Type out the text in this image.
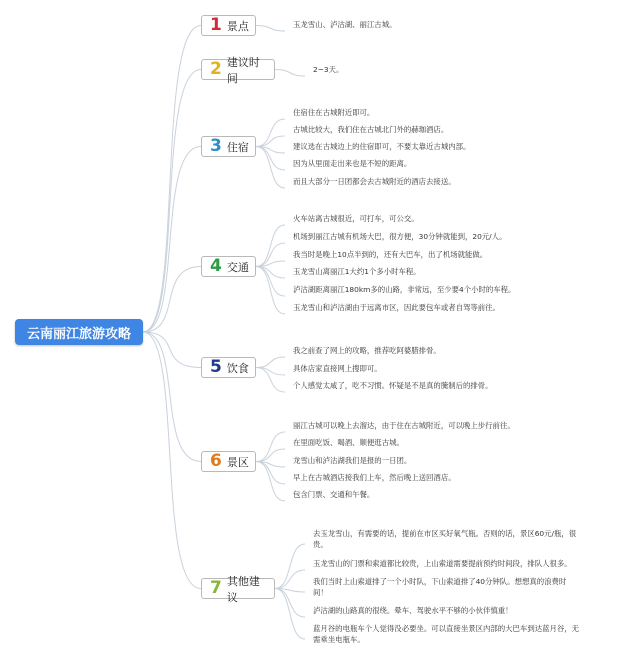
云南丽江旅游攻略
1 景点	玉龙雪山、泸沽湖、丽江古城。
2 建议时间
2~3天。
3 住宿
住宿住在古城附近即可。
古城比较大，我们住在古城北门外的赫珈酒店。
建议选在古城边上的住宿即可，不要太靠近古城内部。
因为从里面走出来也是不短的距离。
而且大部分一日团都会去古城附近的酒店去接送。
4 交通
火车站离古城很近，可打车，可公交。
机场到丽江古城有机场大巴，很方便，30分钟就能到，20元/人。
我当时是晚上10点半到的，还有大巴车，出了机场就能做。
玉龙雪山离丽江1大约1个多小时车程。
泸沽湖距离丽江180km多的山路，非常远，至少要4个小时的车程。
玉龙雪山和泸沽湖由于远离市区，因此要包车或者自驾等前往。
5 饮食
我之前查了网上的攻略，推荐吃阿婆腊排骨。
具体店家直接网上搜即可。
个人感觉太咸了，吃不习惯。怀疑是不是真的腌制后的排骨。
6 景区
丽江古城可以晚上去溜达，由于住在古城附近，可以晚上步行前往。
在里面吃饭、喝酒、顺便逛古城。
龙雪山和泸沽湖我们是报的一日团。
早上在古城酒店接我们上车，然后晚上送回酒店。
包含门票、交通和午餐。
7 其他建议
去玉龙雪山，有需要的话，提前在市区买好氧气瓶。否则的话，景区60元/瓶，很贵。
玉龙雪山的门票和索道都比较贵，上山索道需要提前预约时间段，排队人很多。
我们当时上山索道排了一个小时队，下山索道排了40分钟队。想想真的浪费时间！
泸沽湖的山路真的很绕。晕车、驾驶水平不够的小伙伴慎重！
蓝月谷的电瓶车个人觉得没必要坐。可以直接坐景区内部的大巴车到达蓝月谷，无需乘坐电瓶车。
